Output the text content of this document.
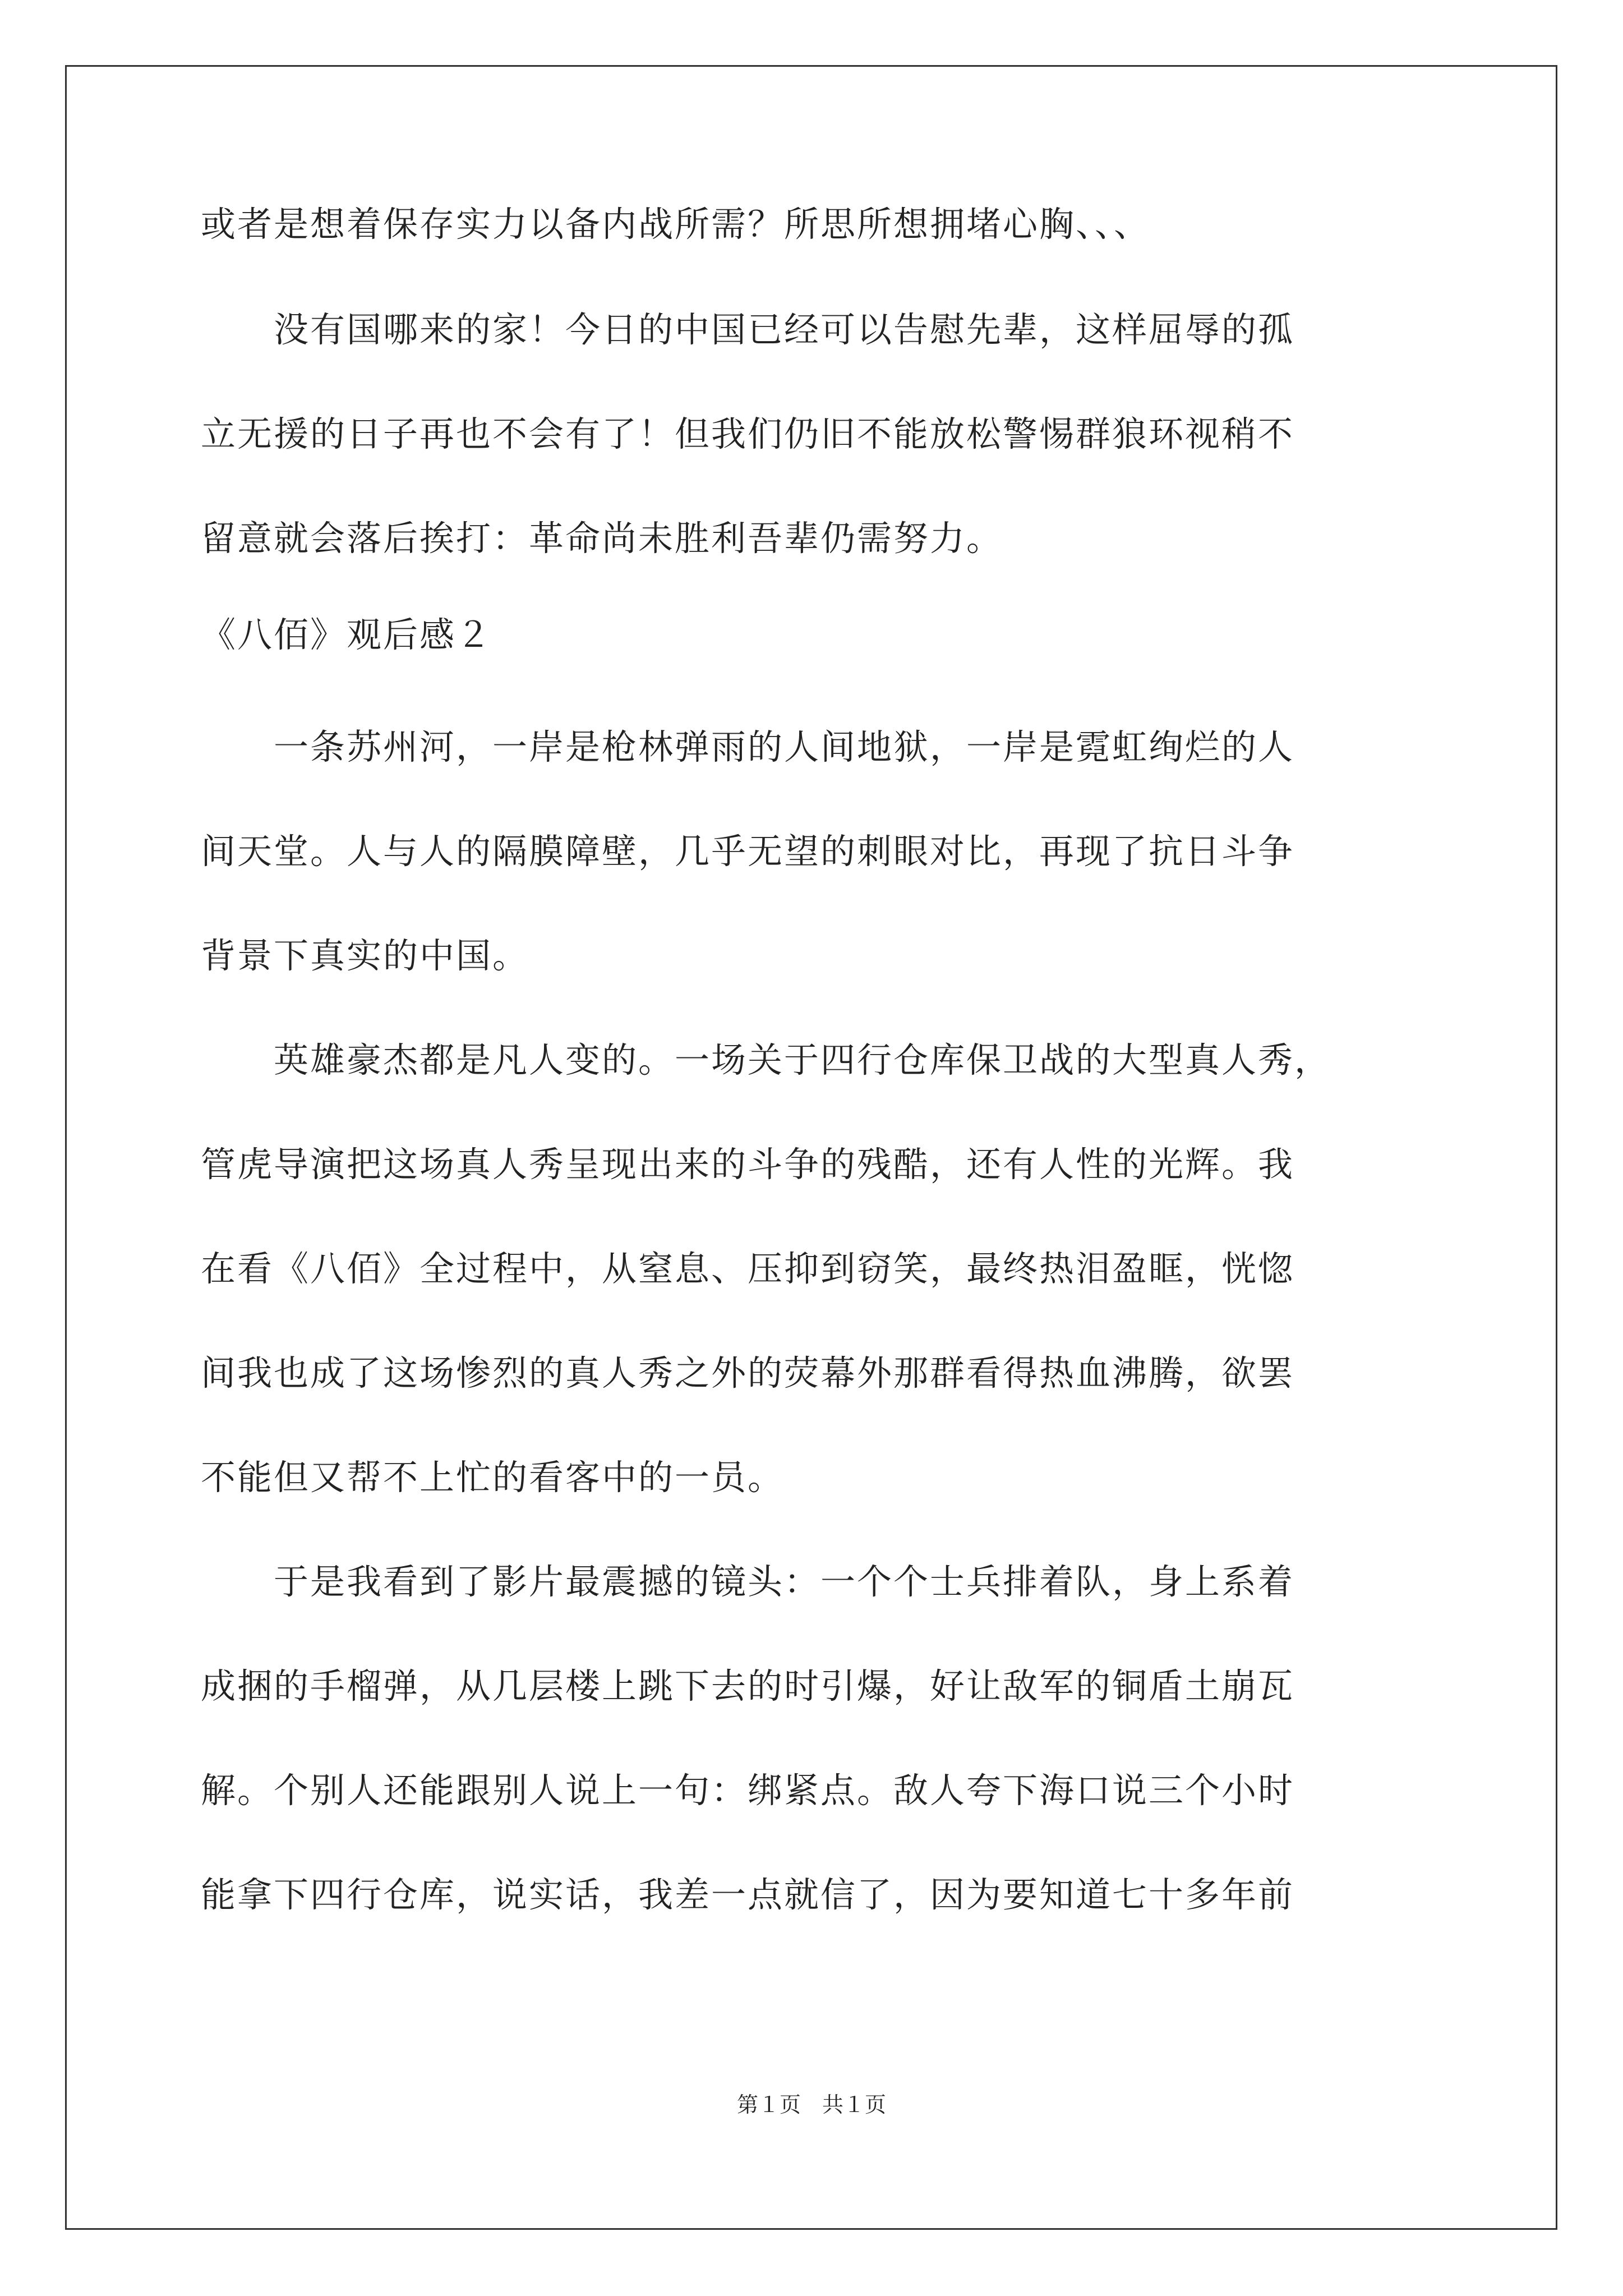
或者是想着保存实力以备内战所需？所思所想拥堵心胸、、、
　　没有国哪来的家！今日的中国已经可以告慰先辈，这样屈辱的孤
立无援的日子再也不会有了！但我们仍旧不能放松警惕群狼环视稍不
留意就会落后挨打：革命尚未胜利吾辈仍需努力。
《八佰》观后感２
　　一条苏州河，一岸是枪林弹雨的人间地狱，一岸是霓虹绚烂的人
间天堂。人与人的隔膜障壁，几乎无望的刺眼对比，再现了抗日斗争
背景下真实的中国。
　　英雄豪杰都是凡人变的。一场关于四行仓库保卫战的大型真人秀，
管虎导演把这场真人秀呈现出来的斗争的残酷，还有人性的光辉。我
在看《八佰》全过程中，从窒息、压抑到窃笑，最终热泪盈眶，恍惚
间我也成了这场惨烈的真人秀之外的荧幕外那群看得热血沸腾，欲罢
不能但又帮不上忙的看客中的一员。
　　于是我看到了影片最震撼的镜头：一个个士兵排着队，身上系着
成捆的手榴弹，从几层楼上跳下去的时引爆，好让敌军的铜盾土崩瓦
解。个别人还能跟别人说上一句：绑紧点。敌人夸下海口说三个小时
能拿下四行仓库，说实话，我差一点就信了，因为要知道七十多年前
第１页　共１页
